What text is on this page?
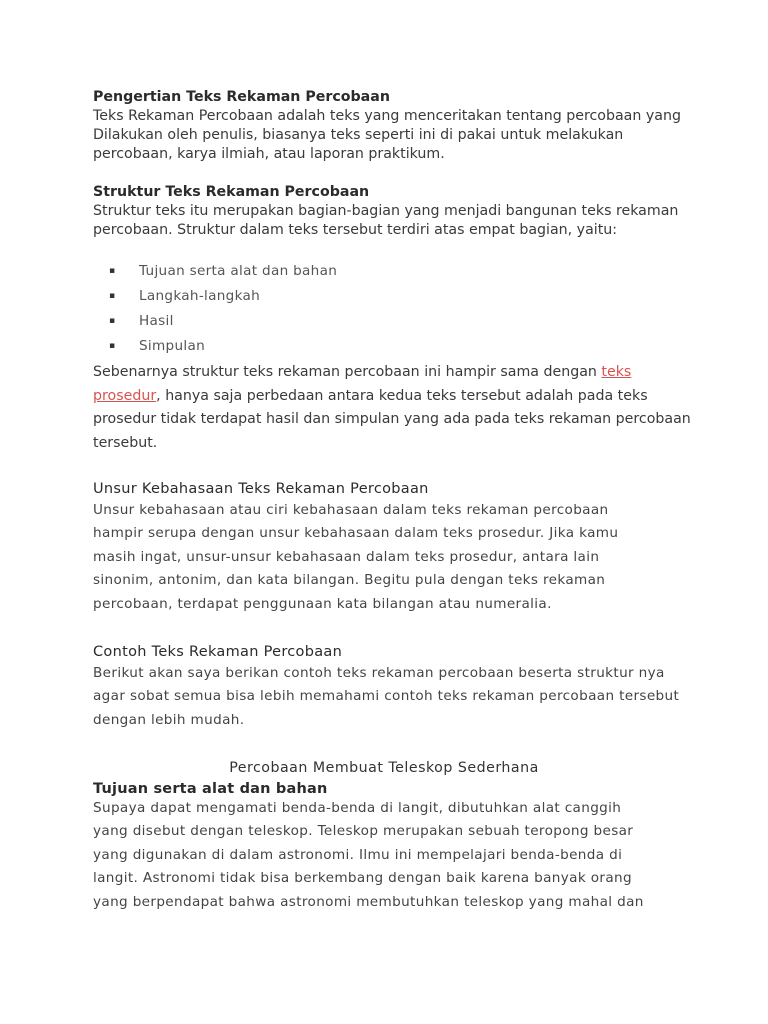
Pengertian Teks Rekaman Percobaan

Teks Rekaman Percobaan adalah teks yang menceritakan tentang percobaan yang

Dilakukan oleh penulis, biasanya teks seperti ini di pakai untuk melakukan

percobaan, karya ilmiah, atau laporan praktikum.

Struktur Teks Rekaman Percobaan

Struktur teks itu merupakan bagian-bagian yang menjadi bangunan teks rekaman

percobaan. Struktur dalam teks tersebut terdiri atas empat bagian, yaitu:

▪ Tujuan serta alat dan bahan
▪ Langkah-langkah
▪ Hasil
▪ Simpulan

Sebenarnya struktur teks rekaman percobaan ini hampir sama dengan teks

prosedur, hanya saja perbedaan antara kedua teks tersebut adalah pada teks

prosedur tidak terdapat hasil dan simpulan yang ada pada teks rekaman percobaan

tersebut.

Unsur Kebahasaan Teks Rekaman Percobaan

Unsur kebahasaan atau ciri kebahasaan dalam teks rekaman percobaan

hampir serupa dengan unsur kebahasaan dalam teks prosedur. Jika kamu

masih ingat, unsur-unsur kebahasaan dalam teks prosedur, antara lain

sinonim, antonim, dan kata bilangan. Begitu pula dengan teks rekaman

percobaan, terdapat penggunaan kata bilangan atau numeralia.

Contoh Teks Rekaman Percobaan

Berikut akan saya berikan contoh teks rekaman percobaan beserta struktur nya

agar sobat semua bisa lebih memahami contoh teks rekaman percobaan tersebut

dengan lebih mudah.

Percobaan Membuat Teleskop Sederhana
Tujuan serta alat dan bahan

Supaya dapat mengamati benda-benda di langit, dibutuhkan alat canggih

yang disebut dengan teleskop. Teleskop merupakan sebuah teropong besar

yang digunakan di dalam astronomi. Ilmu ini mempelajari benda-benda di

langit. Astronomi tidak bisa berkembang dengan baik karena banyak orang

yang berpendapat bahwa astronomi membutuhkan teleskop yang mahal dan
